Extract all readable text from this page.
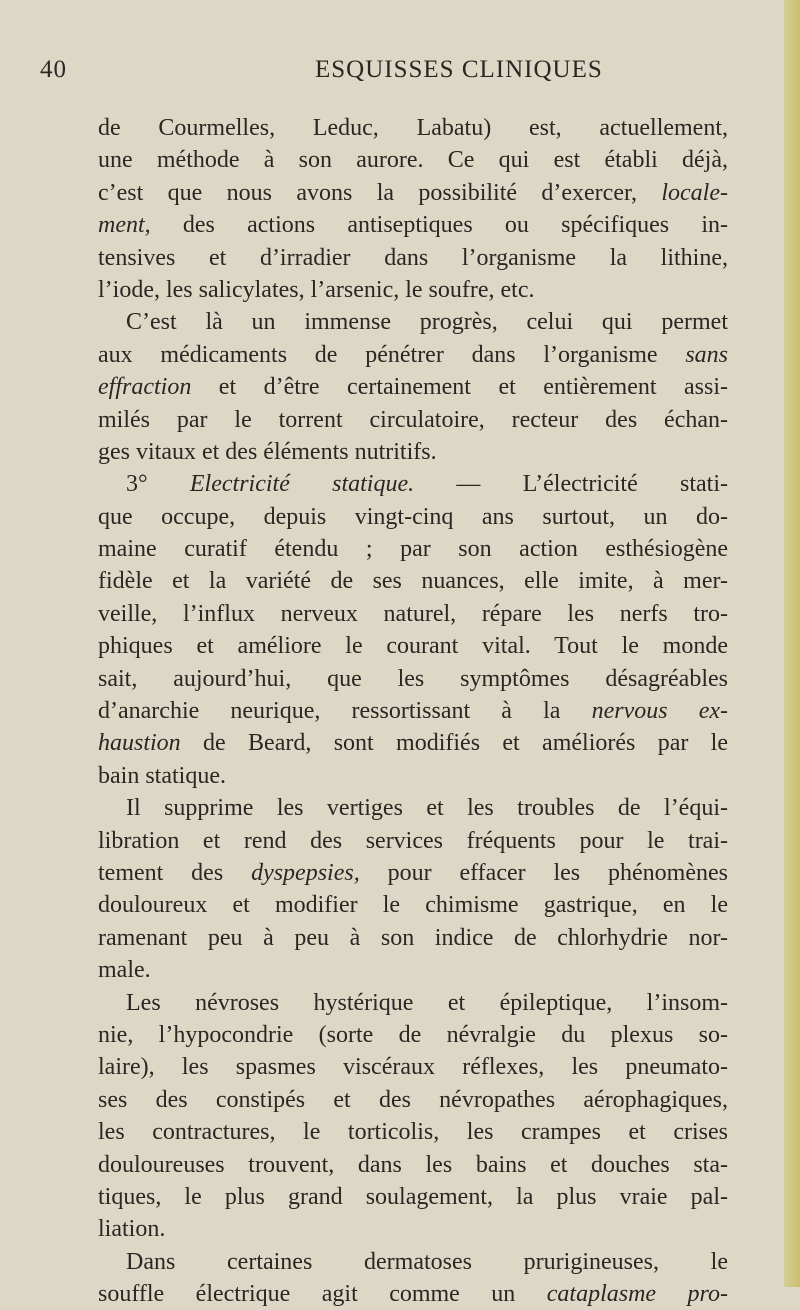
40	ESQUISSES CLINIQUES
de Courmelles, Leduc, Labatu) est, actuellement,
une méthode à son aurore. Ce qui est établi déjà,
c’est que nous avons la possibilité d’exercer, locale-
ment, des actions antiseptiques ou spécifiques in-
tensives et d’irradier dans l’organisme la lithine,
l’iode, les salicylates, l’arsenic, le soufre, etc.
C’est là un immense progrès, celui qui permet
aux médicaments de pénétrer dans l’organisme sans
effraction et d’être certainement et entièrement assi-
milés par le torrent circulatoire, recteur des échan-
ges vitaux et des éléments nutritifs.
3° Electricité statique. — L’électricité stati-
que occupe, depuis vingt-cinq ans surtout, un do-
maine curatif étendu ; par son action esthésiogène
fidèle et la variété de ses nuances, elle imite, à mer-
veille, l’influx nerveux naturel, répare les nerfs tro-
phiques et améliore le courant vital. Tout le monde
sait, aujourd’hui, que les symptômes désagréables
d’anarchie neurique, ressortissant à la nervous ex-
haustion de Beard, sont modifiés et améliorés par le
bain statique.
Il supprime les vertiges et les troubles de l’équi-
libration et rend des services fréquents pour le trai-
tement des dyspepsies, pour effacer les phénomènes
douloureux et modifier le chimisme gastrique, en le
ramenant peu à peu à son indice de chlorhydrie nor-
male.
Les névroses hystérique et épileptique, l’insom-
nie, l’hypocondrie (sorte de névralgie du plexus so-
laire), les spasmes viscéraux réflexes, les pneumato-
ses des constipés et des névropathes aérophagiques,
les contractures, le torticolis, les crampes et crises
douloureuses trouvent, dans les bains et douches sta-
tiques, le plus grand soulagement, la plus vraie pal-
liation.
Dans certaines dermatoses prurigineuses, le
souffle électrique agit comme un cataplasme pro-
